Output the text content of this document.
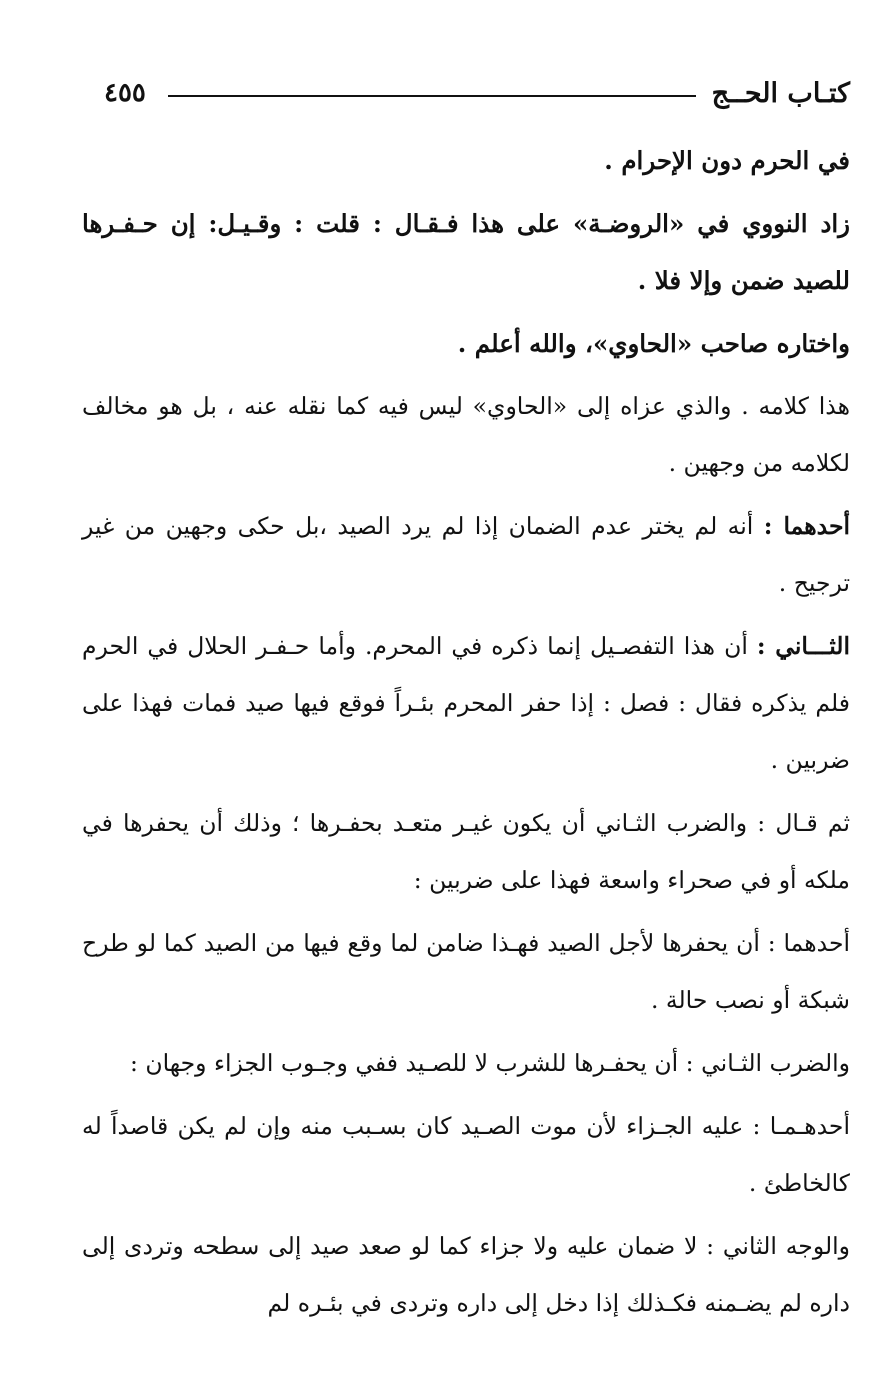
كتـاب الحــج
٤٥٥

في الحرم دون الإحرام .

زاد النووي في «الروضـة» على هذا فـقـال : قلت : وقـيـل: إن حـفـرها للصيد ضمن وإلا فلا .

واختاره صاحب «الحاوي»، والله أعلم .

هذا كلامه . والذي عزاه إلى «الحاوي» ليس فيه كما نقله عنه ، بل هو مخالف لكلامه من وجهين .

أحدهما : أنه لم يختر عدم الضمان إذا لم يرد الصيد ،بل حكى وجهين من غير ترجيح .

الثـــاني : أن هذا التفصـيل إنما ذكره في المحرم. وأما حـفـر الحلال في الحرم فلم يذكره فقال : فصل : إذا حفر المحرم بئـراً فوقع فيها صيد فمات فهذا على ضربين .

ثم قـال : والضرب الثـاني أن يكون غيـر متعـد بحفـرها ؛ وذلك أن يحفرها في ملكه أو في صحراء واسعة فهذا على ضربين :

أحدهما : أن يحفرها لأجل الصيد فهـذا ضامن لما وقع فيها من الصيد كما لو طرح شبكة أو نصب حالة .

والضرب الثـاني : أن يحفـرها للشرب لا للصـيد ففي وجـوب الجزاء وجهان :

أحدهـمـا : عليه الجـزاء لأن موت الصـيد كان بسـبب منه وإن لم يكن قاصداً له كالخاطئ .

والوجه الثاني : لا ضمان عليه ولا جزاء كما لو صعد صيد إلى سطحه وتردى إلى داره لم يضـمنه فكـذلك إذا دخل إلى داره وتردى في بئـره لم
